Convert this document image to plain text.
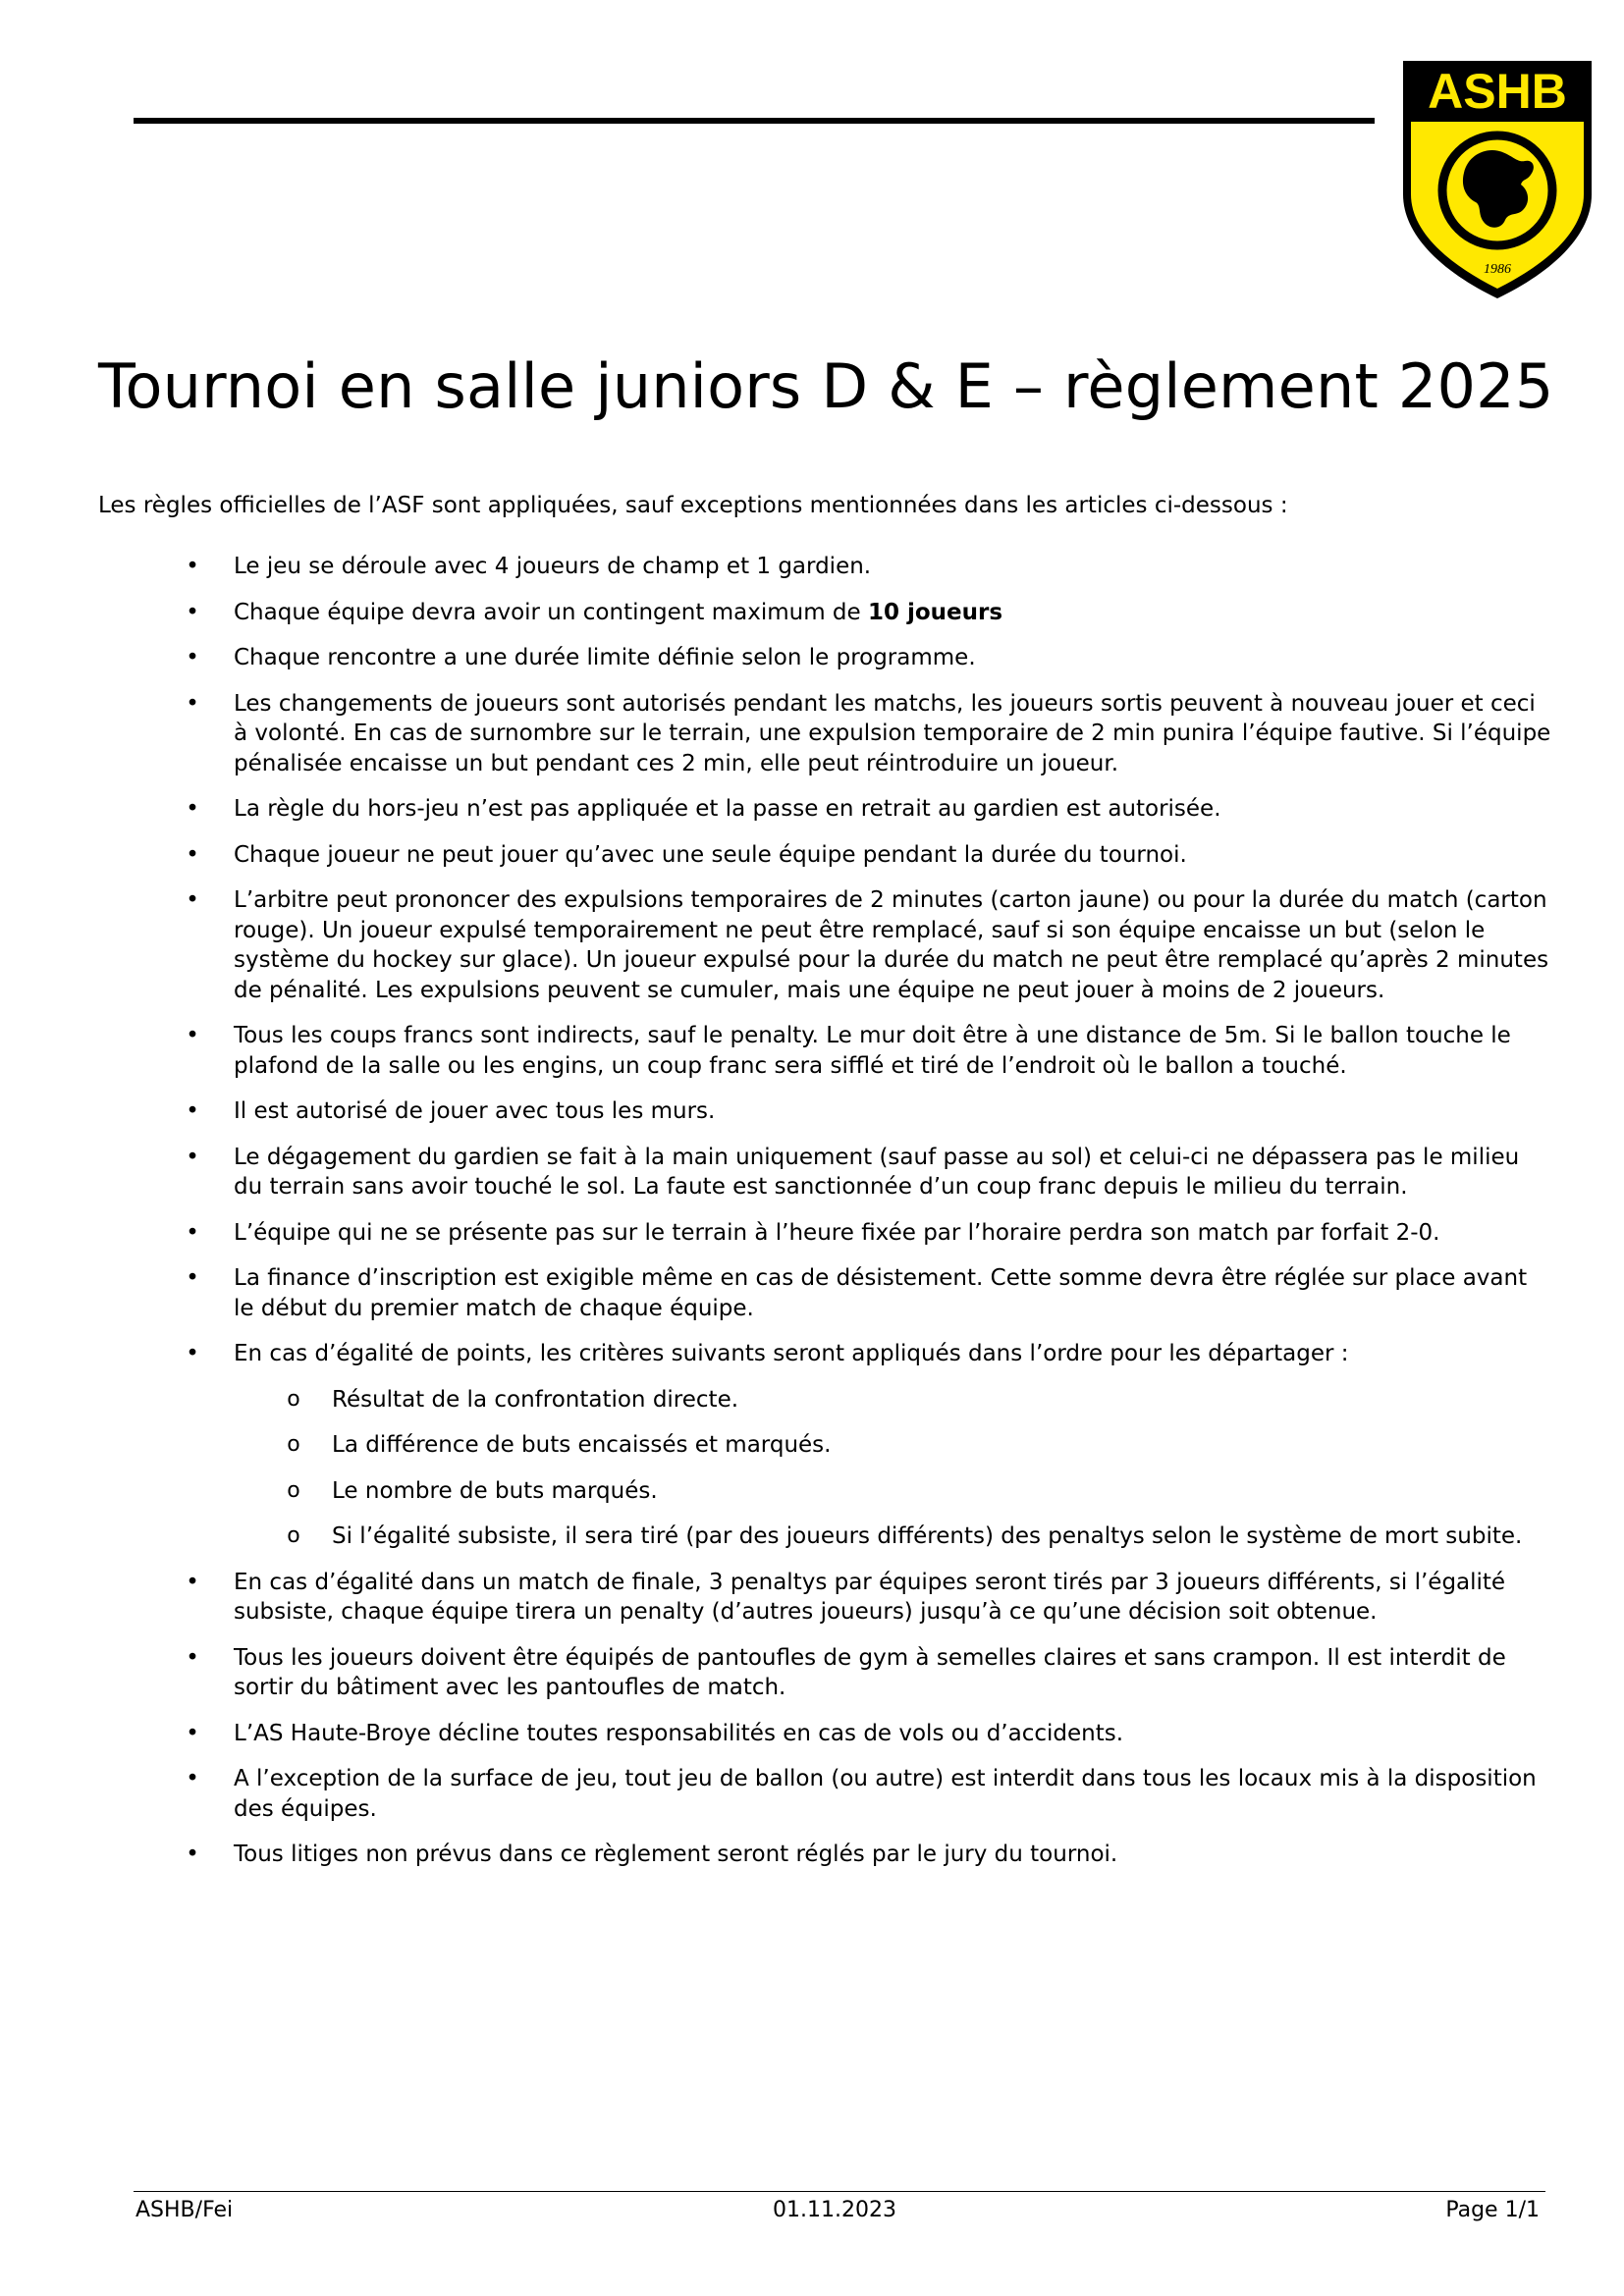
ASHB
1986
Tournoi en salle juniors D & E – règlement 2025

Les règles officielles de l’ASF sont appliquées, sauf exceptions mentionnées dans les articles ci-dessous :

• Le jeu se déroule avec 4 joueurs de champ et 1 gardien.
• Chaque équipe devra avoir un contingent maximum de 10 joueurs
• Chaque rencontre a une durée limite définie selon le programme.
• Les changements de joueurs sont autorisés pendant les matchs, les joueurs sortis peuvent à nouveau jouer et ceci à volonté. En cas de surnombre sur le terrain, une expulsion temporaire de 2 min punira l’équipe fautive. Si l’équipe pénalisée encaisse un but pendant ces 2 min, elle peut réintroduire un joueur.
• La règle du hors-jeu n’est pas appliquée et la passe en retrait au gardien est autorisée.
• Chaque joueur ne peut jouer qu’avec une seule équipe pendant la durée du tournoi.
• L’arbitre peut prononcer des expulsions temporaires de 2 minutes (carton jaune) ou pour la durée du match (carton rouge). Un joueur expulsé temporairement ne peut être remplacé, sauf si son équipe encaisse un but (selon le système du hockey sur glace). Un joueur expulsé pour la durée du match ne peut être remplacé qu’après 2 minutes de pénalité. Les expulsions peuvent se cumuler, mais une équipe ne peut jouer à moins de 2 joueurs.
• Tous les coups francs sont indirects, sauf le penalty. Le mur doit être à une distance de 5m. Si le ballon touche le plafond de la salle ou les engins, un coup franc sera sifflé et tiré de l’endroit où le ballon a touché.
• Il est autorisé de jouer avec tous les murs.
• Le dégagement du gardien se fait à la main uniquement (sauf passe au sol) et celui-ci ne dépassera pas le milieu du terrain sans avoir touché le sol. La faute est sanctionnée d’un coup franc depuis le milieu du terrain.
• L’équipe qui ne se présente pas sur le terrain à l’heure fixée par l’horaire perdra son match par forfait 2-0.
• La finance d’inscription est exigible même en cas de désistement. Cette somme devra être réglée sur place avant le début du premier match de chaque équipe.
• En cas d’égalité de points, les critères suivants seront appliqués dans l’ordre pour les départager :
o Résultat de la confrontation directe.
o La différence de buts encaissés et marqués.
o Le nombre de buts marqués.
o Si l’égalité subsiste, il sera tiré (par des joueurs différents) des penaltys selon le système de mort subite.
• En cas d’égalité dans un match de finale, 3 penaltys par équipes seront tirés par 3 joueurs différents, si l’égalité subsiste, chaque équipe tirera un penalty (d’autres joueurs) jusqu’à ce qu’une décision soit obtenue.
• Tous les joueurs doivent être équipés de pantoufles de gym à semelles claires et sans crampon. Il est interdit de sortir du bâtiment avec les pantoufles de match.
• L’AS Haute-Broye décline toutes responsabilités en cas de vols ou d’accidents.
• A l’exception de la surface de jeu, tout jeu de ballon (ou autre) est interdit dans tous les locaux mis à la disposition des équipes.
• Tous litiges non prévus dans ce règlement seront réglés par le jury du tournoi.
ASHB/Fei	01.11.2023	Page 1/1
